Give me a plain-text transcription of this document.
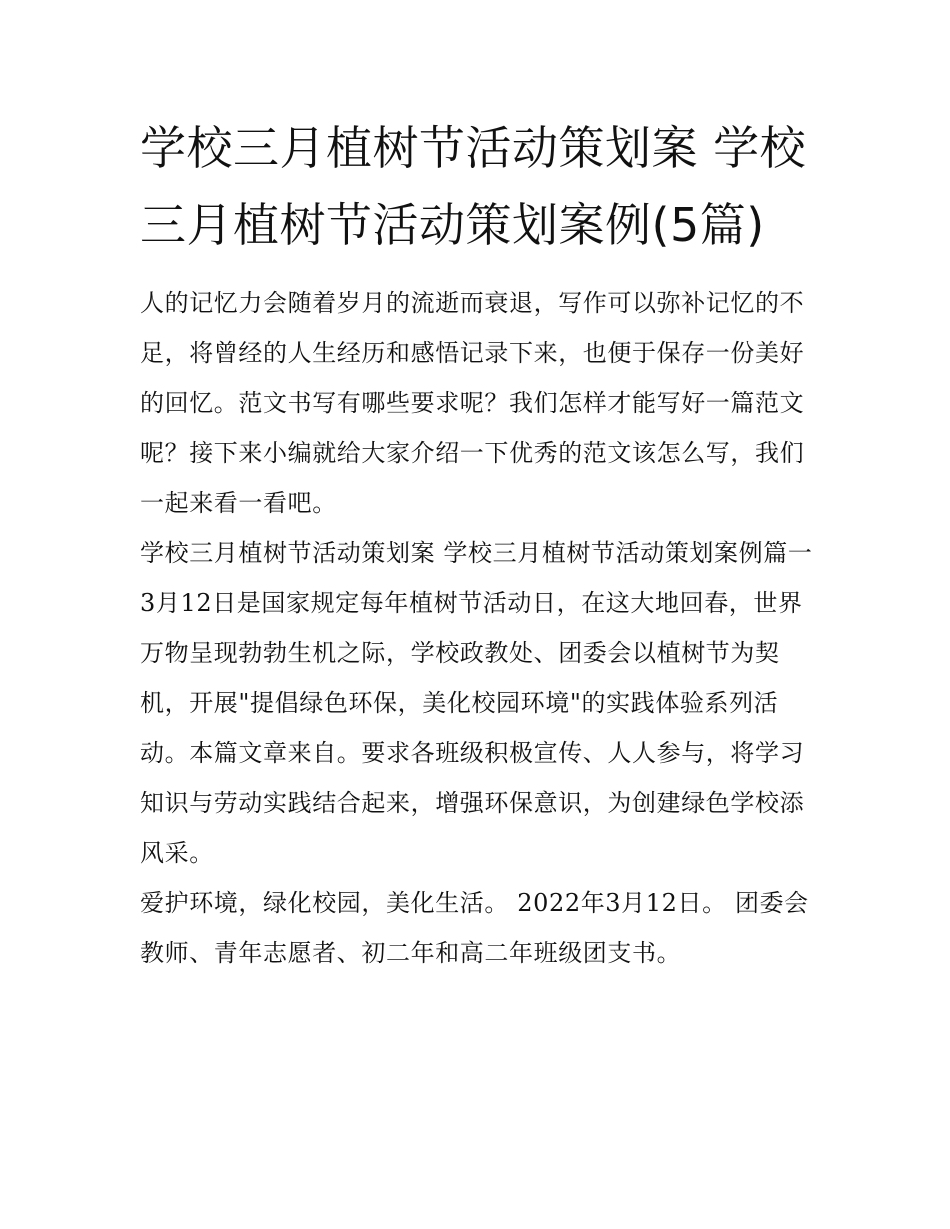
学校三月植树节活动策划案 学校三月植树节活动策划案例(5篇)

人的记忆力会随着岁月的流逝而衰退，写作可以弥补记忆的不足，将曾经的人生经历和感悟记录下来，也便于保存一份美好的回忆。范文书写有哪些要求呢？我们怎样才能写好一篇范文呢？接下来小编就给大家介绍一下优秀的范文该怎么写，我们一起来看一看吧。

学校三月植树节活动策划案 学校三月植树节活动策划案例篇一

3月12日是国家规定每年植树节活动日，在这大地回春，世界万物呈现勃勃生机之际，学校政教处、团委会以植树节为契机，开展"提倡绿色环保，美化校园环境"的实践体验系列活动。本篇文章来自。要求各班级积极宣传、人人参与，将学习知识与劳动实践结合起来，增强环保意识，为创建绿色学校添风采。

爱护环境，绿化校园，美化生活。 2022年3月12日。 团委会教师、青年志愿者、初二年和高二年班级团支书。
